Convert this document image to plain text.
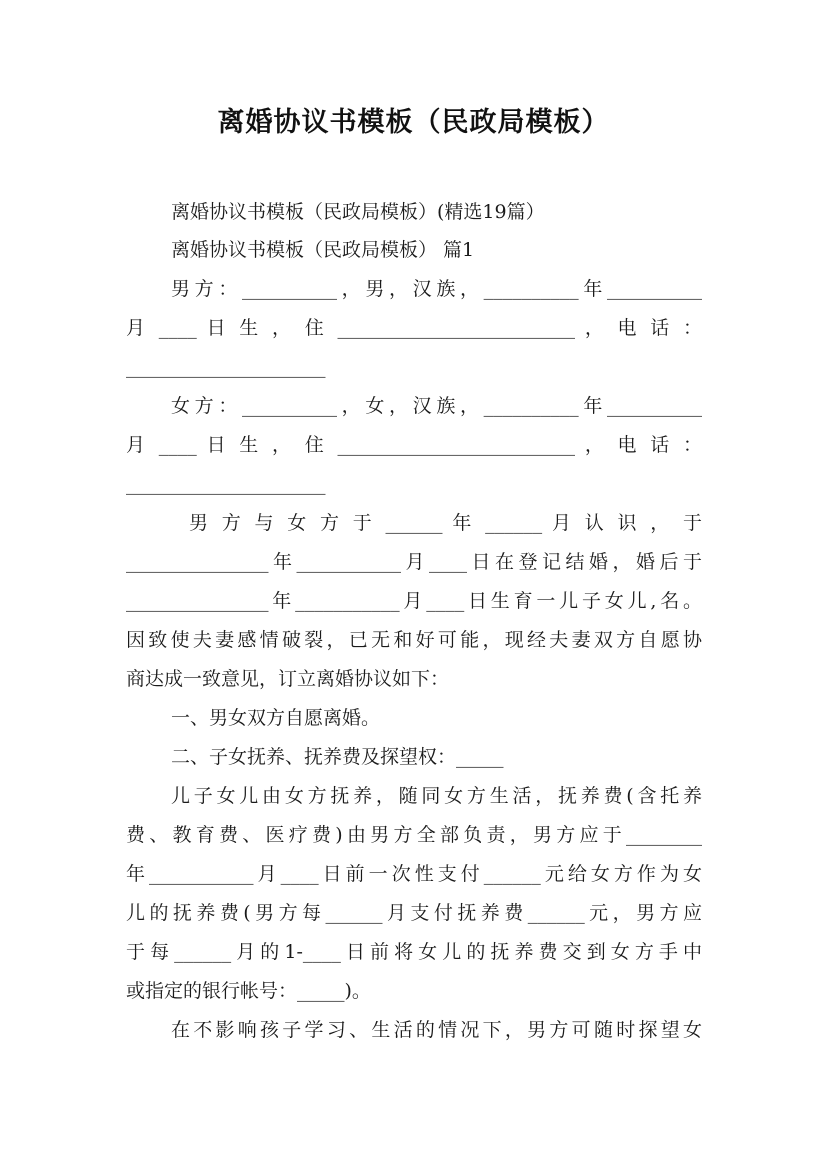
离婚协议书模板（民政局模板）
离婚协议书模板（民政局模板）(精选19篇）
离婚协议书模板（民政局模板） 篇1
男方：__________，男，汉族，__________年__________
月 ____ 日 生 ， 住 _________________________ ， 电 话 ：
_____________________
女方：__________，女，汉族，__________年__________
月 ____ 日 生 ， 住 _________________________ ， 电 话 ：
_____________________
男 方 与 女 方 于 ______ 年 ______ 月 认 识 ， 于
_______________年___________月____日在登记结婚，婚后于
_______________年___________月____日生育一儿子女儿,名。
因致使夫妻感情破裂，已无和好可能，现经夫妻双方自愿协
商达成一致意见，订立离婚协议如下：
一、男女双方自愿离婚。
二、子女抚养、抚养费及探望权：_____
儿子女儿由女方抚养，随同女方生活，抚养费(含托养
费、教育费、医疗费)由男方全部负责，男方应于________
年___________月____日前一次性支付______元给女方作为女
儿的抚养费(男方每______月支付抚养费______元，男方应
于每______月的1-____日前将女儿的抚养费交到女方手中
或指定的银行帐号：_____)。
在不影响孩子学习、生活的情况下，男方可随时探望女
